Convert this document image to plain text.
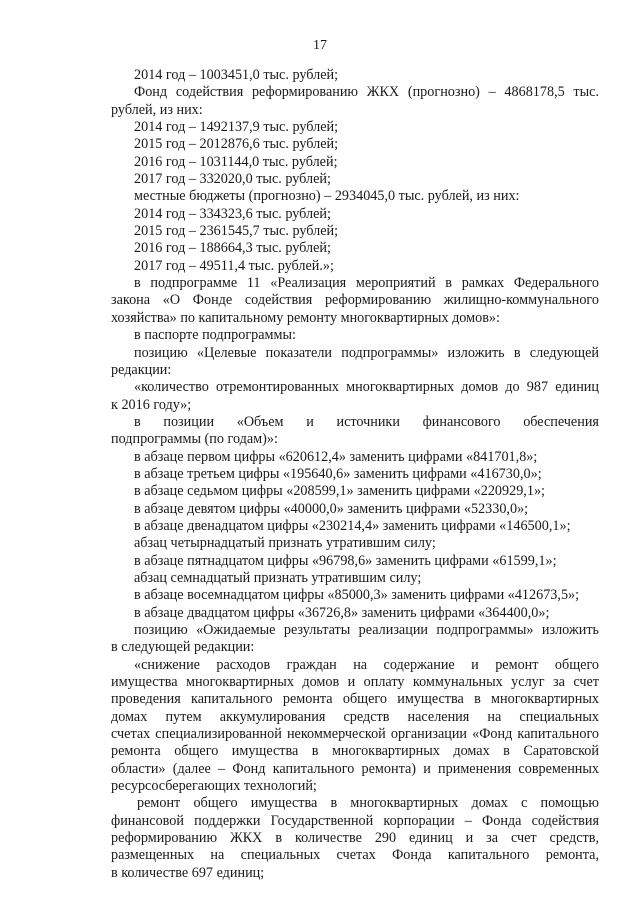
17
2014 год – 1003451,0 тыс. рублей;
Фонд содействия реформированию ЖКХ (прогнозно) – 4868178,5 тыс.
рублей, из них:
2014 год – 1492137,9 тыс. рублей;
2015 год – 2012876,6 тыс. рублей;
2016 год – 1031144,0 тыс. рублей;
2017 год – 332020,0 тыс. рублей;
местные бюджеты (прогнозно) – 2934045,0 тыс. рублей, из них:
2014 год – 334323,6 тыс. рублей;
2015 год – 2361545,7 тыс. рублей;
2016 год – 188664,3 тыс. рублей;
2017 год – 49511,4 тыс. рублей.»;
в подпрограмме 11 «Реализация мероприятий в рамках Федерального
закона «О Фонде содействия реформированию жилищно-коммунального
хозяйства» по капитальному ремонту многоквартирных домов»:
в паспорте подпрограммы:
позицию «Целевые показатели подпрограммы» изложить в следующей
редакции:
«количество отремонтированных многоквартирных домов до 987 единиц
к 2016 году»;
в позиции «Объем и источники финансового обеспечения
подпрограммы (по годам)»:
в абзаце первом цифры «620612,4» заменить цифрами «841701,8»;
в абзаце третьем цифры «195640,6» заменить цифрами «416730,0»;
в абзаце седьмом цифры «208599,1» заменить цифрами «220929,1»;
в абзаце девятом цифры «40000,0» заменить цифрами «52330,0»;
в абзаце двенадцатом цифры «230214,4» заменить цифрами «146500,1»;
абзац четырнадцатый признать утратившим силу;
в абзаце пятнадцатом цифры «96798,6» заменить цифрами «61599,1»;
абзац семнадцатый признать утратившим силу;
в абзаце восемнадцатом цифры «85000,3» заменить цифрами «412673,5»;
в абзаце двадцатом цифры «36726,8» заменить цифрами «364400,0»;
позицию «Ожидаемые результаты реализации подпрограммы» изложить
в следующей редакции:
«снижение расходов граждан на содержание и ремонт общего
имущества многоквартирных домов и оплату коммунальных услуг за счет
проведения капитального ремонта общего имущества в многоквартирных
домах путем аккумулирования средств населения на специальных
счетах специализированной некоммерческой организации «Фонд капитального
ремонта общего имущества в многоквартирных домах в Саратовской
области» (далее – Фонд капитального ремонта) и применения современных
ресурсосберегающих технологий;
ремонт общего имущества в многоквартирных домах с помощью
финансовой поддержки Государственной корпорации – Фонда содействия
реформированию ЖКХ в количестве 290 единиц и за счет средств,
размещенных на специальных счетах Фонда капитального ремонта,
в количестве 697 единиц;
